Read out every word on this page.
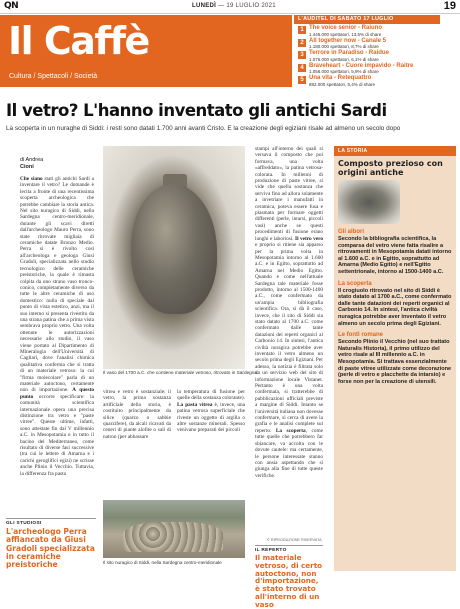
QN	LUNEDÌ — 19 LUGLIO 2021	19
Il Caffè
Cultura / Spettacoli / Società
L'AUDITEL DI SABATO 17 LUGLIO
1 The voice senior - Raiuno
1.445.000 spettatori, 13,5% di share
2 All together now - Canale 5
1.180.000 spettatori, 8,7% di share
3 Terrore in Paradiso - Raidue
1.076.000 spettatori, 6,1% di share
4 Braveheart - Cuore impavido - Raitre
1.056.000 spettatori, 5,9% di share
5 Una vita - Retequattro
882.000 spettatori, 5,4% di share
Il vetro? L'hanno inventato gli antichi Sardi
La scoperta in un nuraghe di Siddi: i resti sono datati 1.700 anni avanti Cristo. E la creazione degli egiziani risale ad almeno un secolo dopo
di Andrea
Cioni
Che siano stati gli antichi Sardi a inventare il vetro? Le domande è lecita a fronte di una recentissima scoperta archeologica che potrebbe cambiare la storia antica. Nel sito nuragico di Siddi, nella Sardegna centro-meridionale, durante gli scavi diretti dall'archeologo Mauro Perra, sono state ritrovate migliaia di ceramiche datate Bronzo Medio. Perra si è rivolto così all'archeologa e geologa Giusi Gradoli, specializzata nello studio tecnologico delle ceramiche preistoriche, la quale è rimasta colpita da uno strano vaso tronco-conico, completamente diverso da tutte le altre ceramiche di uso domestico: nulla di speciale dal punto di vista estetico, anzi, ma il suo interno si presenta rivestito da una strana patina che a prima vista sembrava proprio vetro. Una volta ottenute le autorizzazioni necessarie allo studio, il vaso viene portato al Dipartimento di Mineralogia dell'Università di Cagliari, dove l'analisi chimica qualitativa conferma che si tratta di un materiale vetroso: la cui "firma molecolare" parla di un materiale autoctono, certamente non di importazione. A questo punto occorre specificare: la comunità scientifica internazionale opera una precisa distinzione tra vetro e "paste vitree". Queste ultime, infatti, sono attestate fin dal V millennio a.C. in Mesopotamia e in tutto il bacino del Mediterraneo, come risultato di diverse fasi successive (tra cui le lettere di Amarna e i carichi geroglifici egizi) ne scrisse anche Plinio il Vecchio. Tuttavia, la differenza fra pasta
Il vaso del 1700 a.C. che contiene materiale vetroso, ritrovato in Sardegna
vitrea e vetro è sostanziale: il vetro, la prima sostanza artificiale della storia, è costituito principalmente da silice (quarzo o sabbie quarzifere), da alcali ricavati da ceneri di piante alofite o sali di natron (per abbassare
la temperatura di fusione per quelle della sostanza colorante). La pasta vitrea è, invece, una patina vetrosa superficiale che riveste un oggetto di argilla o altre sostanze minerali. Spesso venivano preparati dei piccoli
Il sito nuragico di Siddi, nella Sardegna centro-meridionale
stampi all'interno dei quali si versava il composto che poi formava, una volta «affreddato», la patina vetrosa-colorata. In millenni di produzione di paste vitree, si vide che quella sostanza che serviva fino ad allora solamente a invetriare i manufatti in ceramica, poteva essere fusa e plasmata per formare oggetti differenti (perle, intarsi, piccoli vasi) anche se questi procedimenti di fusione erano lunghi e laboriosi. Il vetro vero e proprio si ritiene sia apparso per la prima volta in Mesopotamia intorno al 1.600 a.C. e in Egitto, soprattutto ad Amarna nel Medio Egitto. Quando e come nell'attuale Sardegna tale materiale fosse prodotto, intorno al 1500-1400 a.C., come confermato da un'ampia bibliografia scientifica. Ora, si dà il caso, invece, che il sito di Siddi sia stato datato al 1700 a.C. come confermato dalle tante datazioni dei reperti organici al Carbonio 14. In sintesi, l'antica civiltà nuragica potrebbe aver inventato il vetro almeno un secolo prima degli Egiziani. Per adesso, la notizia è filtrata solo da un servizio web del sito di informazione locale Vistanet. Pertanto è una volta confermata, si tratterebbe di pubblicazioni ufficiali previste a margine di Siddi. Intanto se l'università italiana non dovesse confermare, si cerca di avere la grafia e le analisi complete sul reperto. La scoperta, come tutte quelle che potrebbero far sbiancare, va accolta con le dovute cautele: ma certamente, le persone interessate stanno con ansia aspettando che si giunga alla fine di tutte queste verifiche.
© RIPRODUZIONE RISERVATA
GLI STUDIOSI
L'archeologo Perra affiancato da Giusi Gradoli specializzata in ceramiche preistoriche
IL REPERTO
Il materiale vetroso, di certo autoctono, non d'importazione, è stato trovato all'interno di un vaso
LA STORIA
Composto prezioso con origini antiche
Gli albori
Secondo la bibliografia scientifica, la comparsa del vetro viene fatta risalire a ritrovamenti in Mesopotamia datati intorno al 1.600 a.C. e in Egitto, soprattutto ad Amarna (Medio Egitto) e nell'Egitto settentrionale, intorno al 1500-1400 a.C.
La scoperta
Il crogiuolo ritrovato nel sito di Siddi è stato datato al 1700 a.C., come confermato dalle tante datazioni dei reperti organici al Carbonio 14. In sintesi, l'antica civiltà nuragica potrebbe aver inventato il vetro almeno un secolo prima degli Egiziani.
Le fonti romane
Secondo Plinio il Vecchio (nel suo trattato Naturalis Historia), il primo utilizzo del vetro risale al III millennio a.C. in Mesopotamia. Si trattava essenzialmente di paste vitree utilizzate come decorazione (perle di vetro e placchette da intarsio) e forse non per la creazione di utensili.
